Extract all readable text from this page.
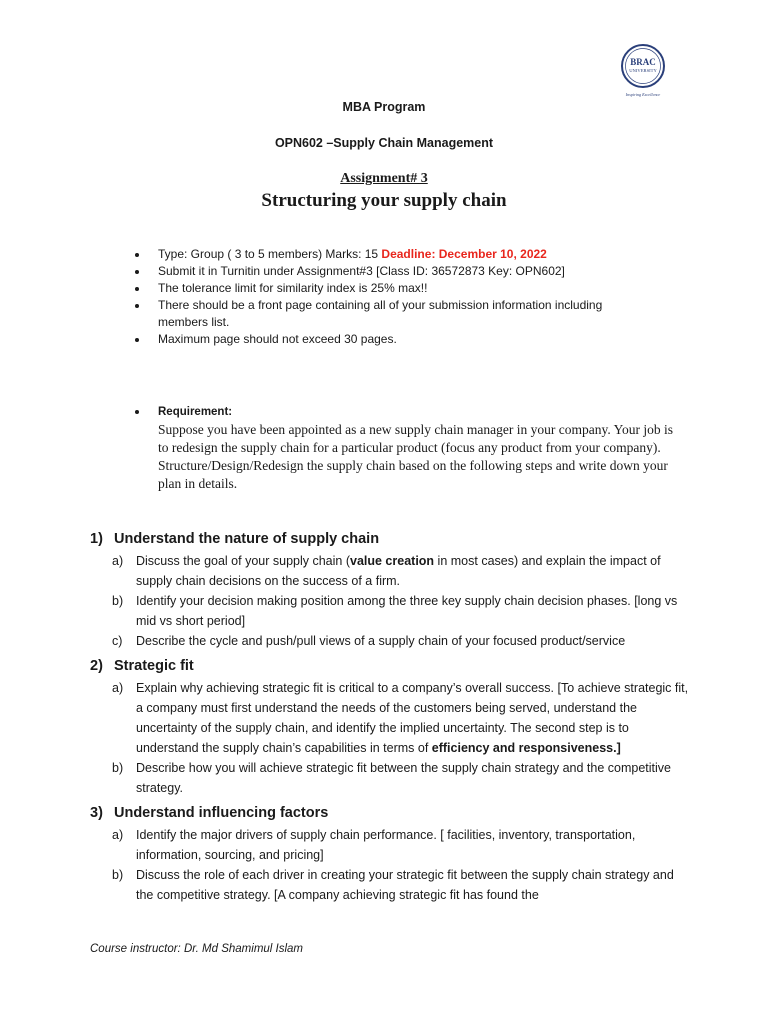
BRAC
UNIVERSITY
Inspiring Excellence
MBA Program
OPN602 –Supply Chain Management
Assignment# 3
Structuring your supply chain
Type: Group ( 3 to 5 members) Marks: 15 Deadline: December 10, 2022
Submit it in Turnitin under Assignment#3 [Class ID: 36572873 Key: OPN602]
The tolerance limit for similarity index is 25% max!!
There should be a front page containing all of your submission information including members list.
Maximum page should not exceed 30 pages.
Requirement:
Suppose you have been appointed as a new supply chain manager in your company. Your job is to redesign the supply chain for a particular product (focus any product from your company). Structure/Design/Redesign the supply chain based on the following steps and write down your plan in details.
1) Understand the nature of supply chain
a) Discuss the goal of your supply chain (value creation in most cases) and explain the impact of supply chain decisions on the success of a firm.
b) Identify your decision making position among the three key supply chain decision phases. [long vs mid vs short period]
c) Describe the cycle and push/pull views of a supply chain of your focused product/service
2) Strategic fit
a) Explain why achieving strategic fit is critical to a company’s overall success. [To achieve strategic fit, a company must first understand the needs of the customers being served, understand the uncertainty of the supply chain, and identify the implied uncertainty. The second step is to understand the supply chain’s capabilities in terms of efficiency and responsiveness.]
b) Describe how you will achieve strategic fit between the supply chain strategy and the competitive strategy.
3) Understand influencing factors
a) Identify the major drivers of supply chain performance. [ facilities, inventory, transportation, information, sourcing, and pricing]
b) Discuss the role of each driver in creating your strategic fit between the supply chain strategy and the competitive strategy. [A company achieving strategic fit has found the
Course instructor: Dr. Md Shamimul Islam
